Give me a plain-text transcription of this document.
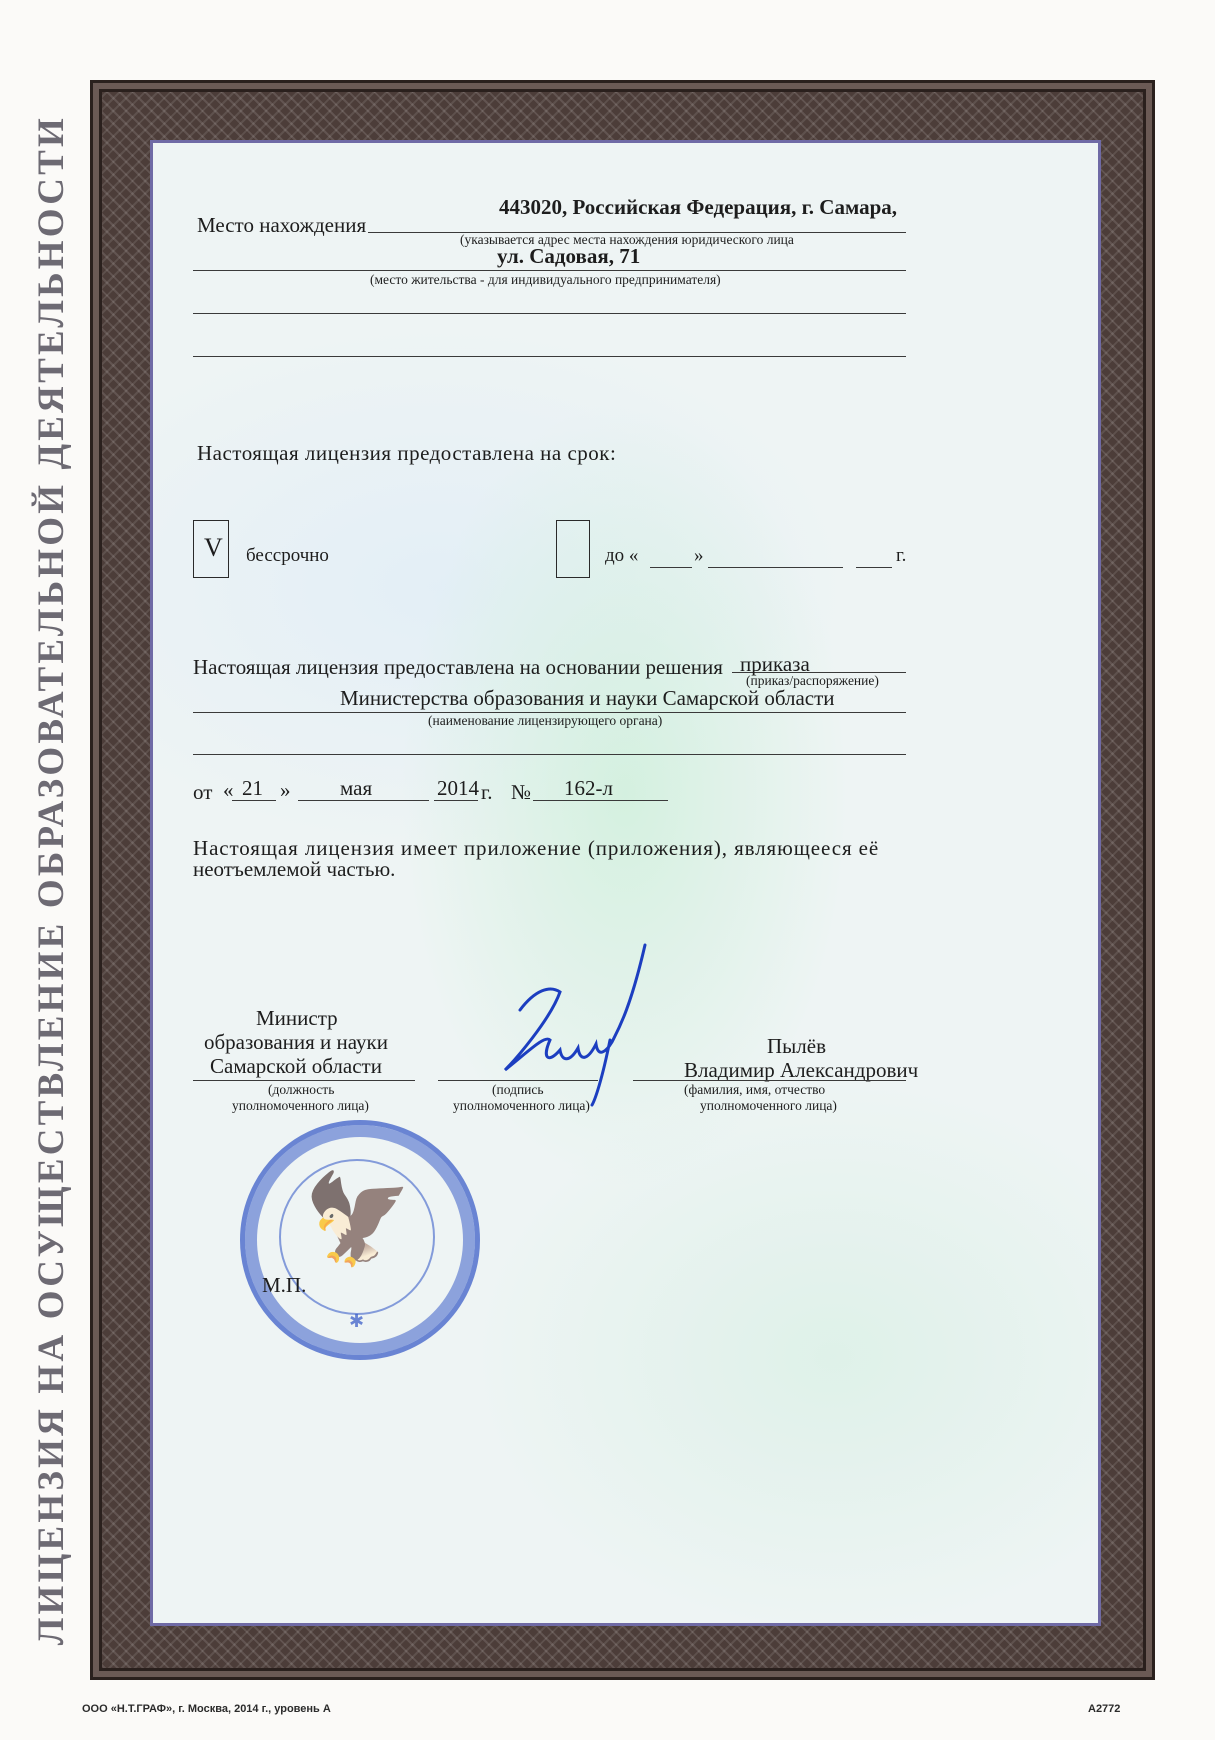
ЛИЦЕНЗИЯ НА ОСУЩЕСТВЛЕНИЕ ОБРАЗОВАТЕЛЬНОЙ ДЕЯТЕЛЬНОСТИ	Место нахождения
443020, Российская Федерация, г. Самара,
(указывается адрес места нахождения юридического лица
ул. Садовая, 71
(место жительства - для индивидуального предпринимателя)
Настоящая лицензия предоставлена на срок:
V бессрочно	до «	»	г.
Настоящая лицензия предоставлена на основании решения приказа
(приказ/распоряжение)
Министерства образования и науки Самарской области
(наименование лицензирующего органа)
от « 21 » мая	2014 г. № 162-л
Настоящая лицензия имеет приложение (приложения), являющееся её
неотъемлемой частью.
Министр
образования и науки
Самарской области
(должность
уполномоченного лица)
(подпись
уполномоченного лица)
Пылёв
Владимир Александрович
(фамилия, имя, отчество
уполномоченного лица)
🦅
✱
М.П.
ООО «Н.Т.ГРАФ», г. Москва, 2014 г., уровень А	А2772
